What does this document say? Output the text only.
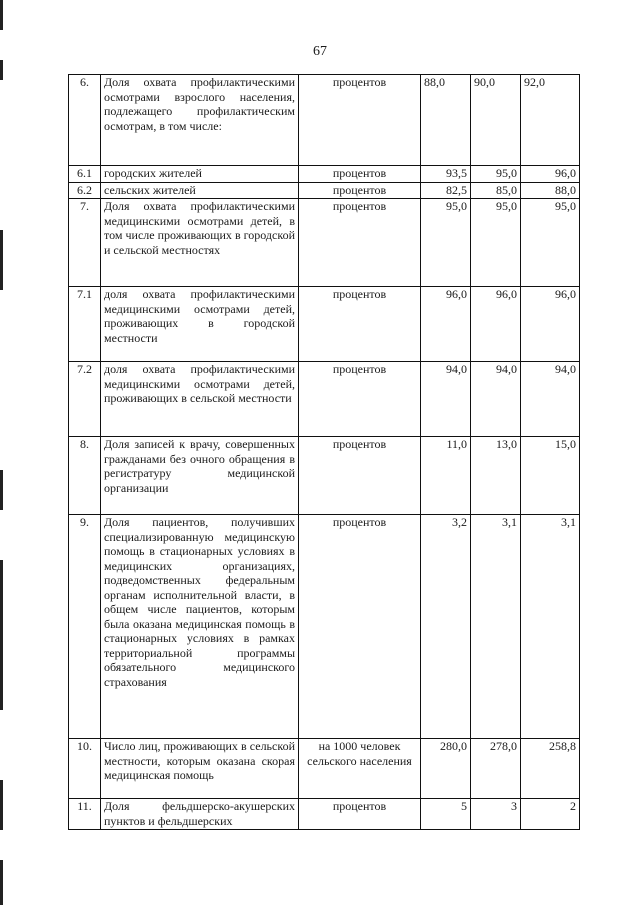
67
6.	Доля охвата профилактическими осмотрами взрослого населения, подлежащего профилактическим осмотрам, в том числе:	процентов	88,0	90,0	92,0
6.1	городских жителей	процентов	93,5	95,0	96,0
6.2	сельских жителей	процентов	82,5	85,0	88,0
7.	Доля охвата профилактическими медицинскими осмотрами детей, в том числе проживающих в городской и сельской местностях	процентов	95,0	95,0	95,0
7.1	доля охвата профилактическими медицинскими осмотрами детей, проживающих в городской местности	процентов	96,0	96,0	96,0
7.2	доля охвата профилактическими медицинскими осмотрами детей, проживающих в сельской местности	процентов	94,0	94,0	94,0
8.	Доля записей к врачу, совершенных гражданами без очного обращения в регистратуру медицинской организации	процентов	11,0	13,0	15,0
9.	Доля пациентов, получивших специализированную медицинскую помощь в стационарных условиях в медицинских организациях, подведомственных федеральным органам исполнительной власти, в общем числе пациентов, которым была оказана медицинская помощь в стационарных условиях в рамках территориальной программы обязательного медицинского страхования	процентов	3,2	3,1	3,1
10.	Число лиц, проживающих в сельской местности, которым оказана скорая медицинская помощь	на 1000 человек сельского населения	280,0	278,0	258,8
11.	Доля фельдшерско-акушерских пунктов и фельдшерских	процентов	5	3	2
